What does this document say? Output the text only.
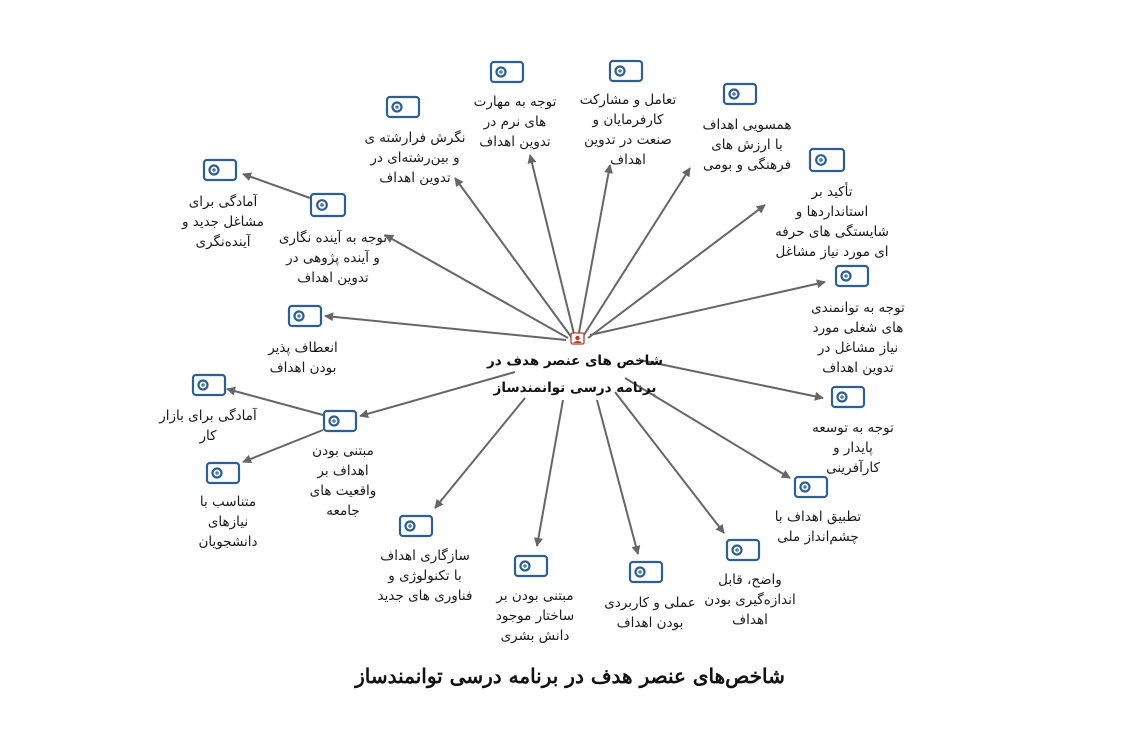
شاخص های عنصر هدف در
برنامه درسی توانمندساز
توجه به مهارت
های نرم در
تدوین اهداف
تعامل و مشارکت
کارفرمایان و
صنعت در تدوین
اهداف
نگرش فرارشته ی
و بین‌رشته‌ای در
تدوین اهداف
همسویی اهداف
با ارزش های
فرهنگی و بومی
آمادگی برای
مشاغل جدید و
آینده‌نگری	توجه به آینده نگاری
و آینده پژوهی در
تدوین اهداف
تأکید بر
استانداردها و
شایستگی های حرفه
ای مورد نیاز مشاغل
انعطاف پذیر
بودن اهداف
توجه به توانمندی
های شغلی مورد
نیاز مشاغل در
تدوین اهداف
آمادگی برای بازار
کار
مبتنی بودن
اهداف بر
واقعیت های
جامعه
توجه به توسعه
پایدار و
کارآفرینی
متناسب با
نیازهای
دانشجویان
تطبیق اهداف با
چشم‌انداز ملی
سازگاری اهداف
با تکنولوژی و
فناوری های جدید	مبتنی بودن بر
ساختار موجود
دانش بشری
عملی و کاربردی
بودن اهداف
واضح، قابل
اندازه‌گیری بودن
اهداف
شاخص‌های عنصر هدف در برنامه درسی توانمندساز
